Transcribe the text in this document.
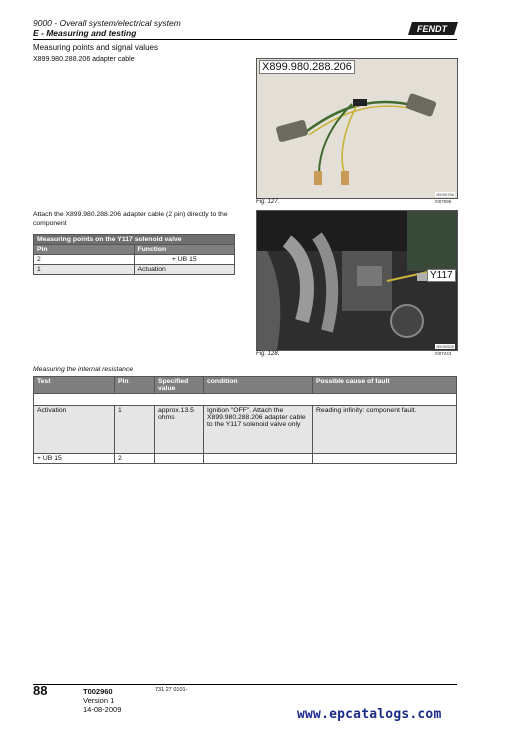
9000 - Overall system/electrical system
E - Measuring and testing	FENDT
Measuring points and signal values
X899.980.288.206 adapter cable
X899.980.288.206
IEK00756
Fig. 127.	I007596
Attach the X899.980.288.206 adapter cable (2 pin) directly to the component
Measuring points on the Y117 solenoid valve	
Pin	Function
2	+ UB 15
1	Actuation
Y117
IEK00535
Fig. 128.	I007243
Measuring the internal resistance
Test	Pin	Specified value	condition	Possible cause of fault

Activation	1	approx.13.5 ohms	Ignition "OFF". Attach the X899.980.288.206 adapter cable to the Y117 solenoid valve only	Reading infinity: component fault.
+ UB 15	2			
88	T002960
Version 1
14-08-2009
731 27 0101-
www.epcatalogs.com
